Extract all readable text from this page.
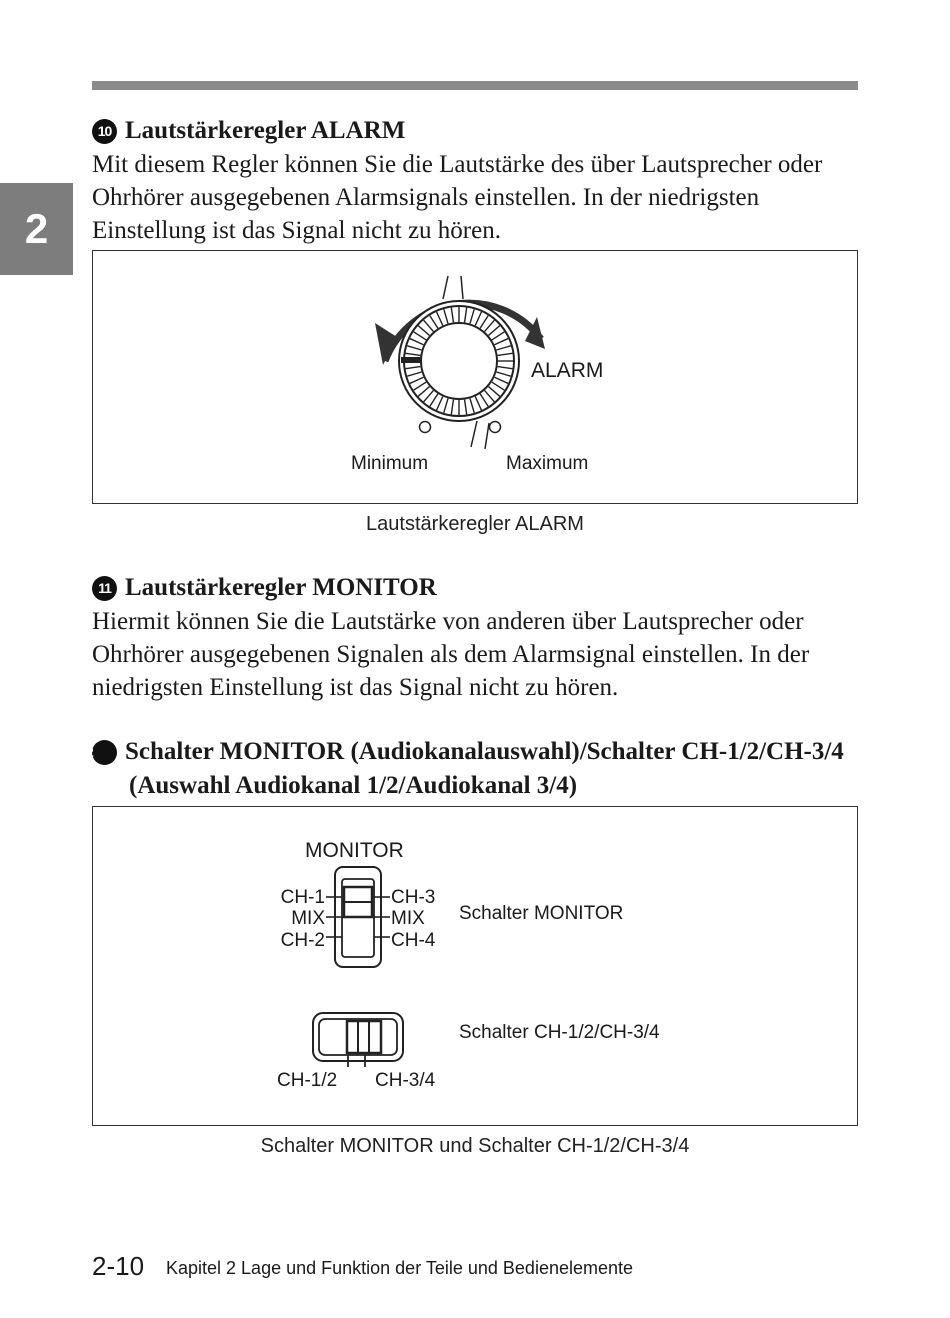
2
10 Lautstärkeregler ALARM

Mit diesem Regler können Sie die Lautstärke des über Lautsprecher oder Ohrhörer ausgegebenen Alarmsignals einstellen. In der niedrigsten Einstellung ist das Signal nicht zu hören.

ALARM
Minimum	Maximum
Lautstärkeregler ALARM
11 Lautstärkeregler MONITOR

Hiermit können Sie die Lautstärke von anderen über Lautsprecher oder Ohrhörer ausgegebenen Signalen als dem Alarmsignal einstellen. In der niedrigsten Einstellung ist das Signal nicht zu hören.

12 Schalter MONITOR (Audiokanalauswahl)/Schalter CH-1/2/CH-3/4 (Auswahl Audiokanal 1/2/Audiokanal 3/4)
MONITOR
CH-1
MIX
CH-2
CH-3
MIX
CH-4
Schalter MONITOR
Schalter CH-1/2/CH-3/4
CH-1/2 CH-3/4
Schalter MONITOR und Schalter CH-1/2/CH-3/4
2-10 Kapitel 2 Lage und Funktion der Teile und Bedienelemente
